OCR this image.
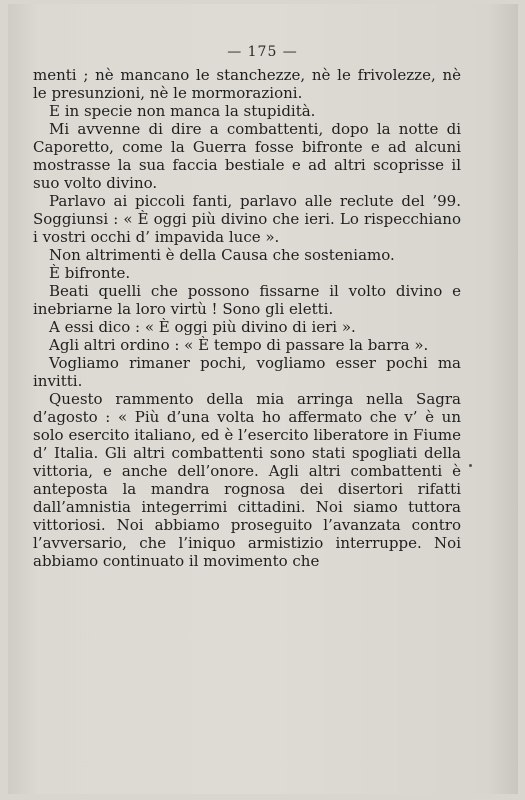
— 175 —

menti ; nè mancano le stanchezze, nè le frivolezze, nè le presunzioni, nè le mormorazioni.

E in specie non manca la stupidità.

Mi avvenne di dire a combattenti, dopo la notte di Caporetto, come la Guerra fosse bifronte e ad alcuni mostrasse la sua faccia bestiale e ad altri scoprisse il suo volto divino.

Parlavo ai piccoli fanti, parlavo alle reclute del ’99. Soggiunsi : « È oggi più divino che ieri. Lo rispecchiano i vostri occhi d’ impavida luce ».

Non altrimenti è della Causa che sosteniamo.

È bifronte.

Beati quelli che possono fissarne il volto divino e inebriarne la loro virtù ! Sono gli eletti.

A essi dico : « È oggi più divino di ieri ».

Agli altri ordino : « È tempo di passare la barra ».

Vogliamo rimaner pochi, vogliamo esser pochi ma invitti.

Questo rammento della mia arringa nella Sagra d’agosto : « Più d’una volta ho affermato che v’ è un solo esercito italiano, ed è l’esercito liberatore in Fiume d’ Italia. Gli altri combattenti sono stati spogliati della vittoria, e anche dell’onore. Agli altri combattenti è anteposta la mandra rognosa dei disertori rifatti dall’amnistia integerrimi cittadini. Noi siamo tuttora vittoriosi. Noi abbiamo proseguito l’avanzata contro l’avversario, che l’iniquo armistizio interruppe. Noi abbiamo continuato il movimento che
